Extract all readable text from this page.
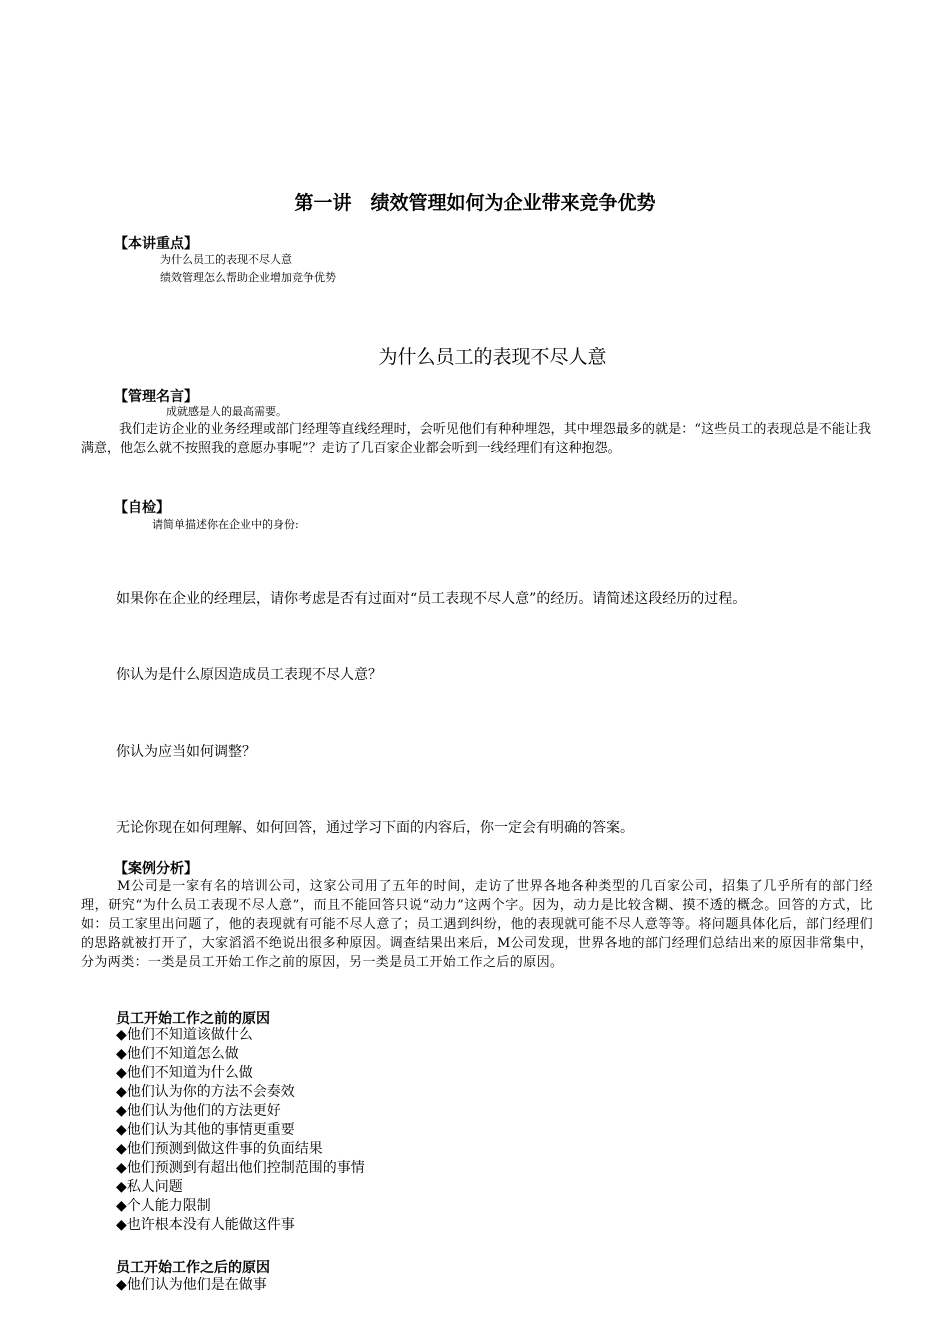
第一讲　绩效管理如何为企业带来竞争优势
【本讲重点】
为什么员工的表现不尽人意
绩效管理怎么帮助企业增加竞争优势
为什么员工的表现不尽人意
【管理名言】
成就感是人的最高需要。
我们走访企业的业务经理或部门经理等直线经理时，会听见他们有种种埋怨，其中埋怨最多的就是：“这些员工的表现总是不能让我满意，他怎么就不按照我的意愿办事呢”？走访了几百家企业都会听到一线经理们有这种抱怨。
【自检】
请简单描述你在企业中的身份:
如果你在企业的经理层，请你考虑是否有过面对“员工表现不尽人意”的经历。请简述这段经历的过程。
你认为是什么原因造成员工表现不尽人意？
你认为应当如何调整？
无论你现在如何理解、如何回答，通过学习下面的内容后，你一定会有明确的答案。
【案例分析】
M公司是一家有名的培训公司，这家公司用了五年的时间，走访了世界各地各种类型的几百家公司，招集了几乎所有的部门经理，研究“为什么员工表现不尽人意”，而且不能回答只说“动力”这两个字。因为，动力是比较含糊、摸不透的概念。回答的方式，比如：员工家里出问题了，他的表现就有可能不尽人意了；员工遇到纠纷，他的表现就可能不尽人意等等。将问题具体化后，部门经理们的思路就被打开了，大家滔滔不绝说出很多种原因。调查结果出来后，M公司发现，世界各地的部门经理们总结出来的原因非常集中，分为两类：一类是员工开始工作之前的原因，另一类是员工开始工作之后的原因。
员工开始工作之前的原因
◆他们不知道该做什么
◆他们不知道怎么做
◆他们不知道为什么做
◆他们认为你的方法不会奏效
◆他们认为他们的方法更好
◆他们认为其他的事情更重要
◆他们预测到做这件事的负面结果
◆他们预测到有超出他们控制范围的事情
◆私人问题
◆个人能力限制
◆也许根本没有人能做这件事
员工开始工作之后的原因
◆他们认为他们是在做事
